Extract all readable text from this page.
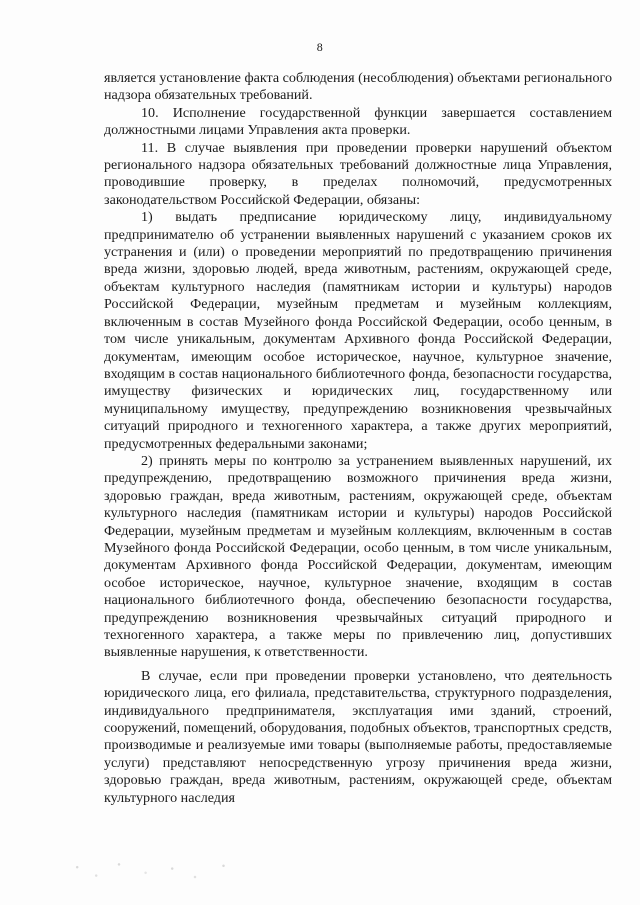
8

является установление факта соблюдения (несоблюдения) объектами регионального надзора обязательных требований.

10. Исполнение государственной функции завершается составлением должностными лицами Управления акта проверки.

11. В случае выявления при проведении проверки нарушений объектом регионального надзора обязательных требований должностные лица Управления, проводившие проверку, в пределах полномочий, предусмотренных законодательством Российской Федерации, обязаны:

1) выдать предписание юридическому лицу, индивидуальному предпринимателю об устранении выявленных нарушений с указанием сроков их устранения и (или) о проведении мероприятий по предотвращению причинения вреда жизни, здоровью людей, вреда животным, растениям, окружающей среде, объектам культурного наследия (памятникам истории и культуры) народов Российской Федерации, музейным предметам и музейным коллекциям, включенным в состав Музейного фонда Российской Федерации, особо ценным, в том числе уникальным, документам Архивного фонда Российской Федерации, документам, имеющим особое историческое, научное, культурное значение, входящим в состав национального библиотечного фонда, безопасности государства, имуществу физических и юридических лиц, государственному или муниципальному имуществу, предупреждению возникновения чрезвычайных ситуаций природного и техногенного характера, а также других мероприятий, предусмотренных федеральными законами;

2) принять меры по контролю за устранением выявленных нарушений, их предупреждению, предотвращению возможного причинения вреда жизни, здоровью граждан, вреда животным, растениям, окружающей среде, объектам культурного наследия (памятникам истории и культуры) народов Российской Федерации, музейным предметам и музейным коллекциям, включенным в состав Музейного фонда Российской Федерации, особо ценным, в том числе уникальным, документам Архивного фонда Российской Федерации, документам, имеющим особое историческое, научное, культурное значение, входящим в состав национального библиотечного фонда, обеспечению безопасности государства, предупреждению возникновения чрезвычайных ситуаций природного и техногенного характера, а также меры по привлечению лиц, допустивших выявленные нарушения, к ответственности.

В случае, если при проведении проверки установлено, что деятельность юридического лица, его филиала, представительства, структурного подразделения, индивидуального предпринимателя, эксплуатация ими зданий, строений, сооружений, помещений, оборудования, подобных объектов, транспортных средств, производимые и реализуемые ими товары (выполняемые работы, предоставляемые услуги) представляют непосредственную угрозу причинения вреда жизни, здоровью граждан, вреда животным, растениям, окружающей среде, объектам культурного наследия
